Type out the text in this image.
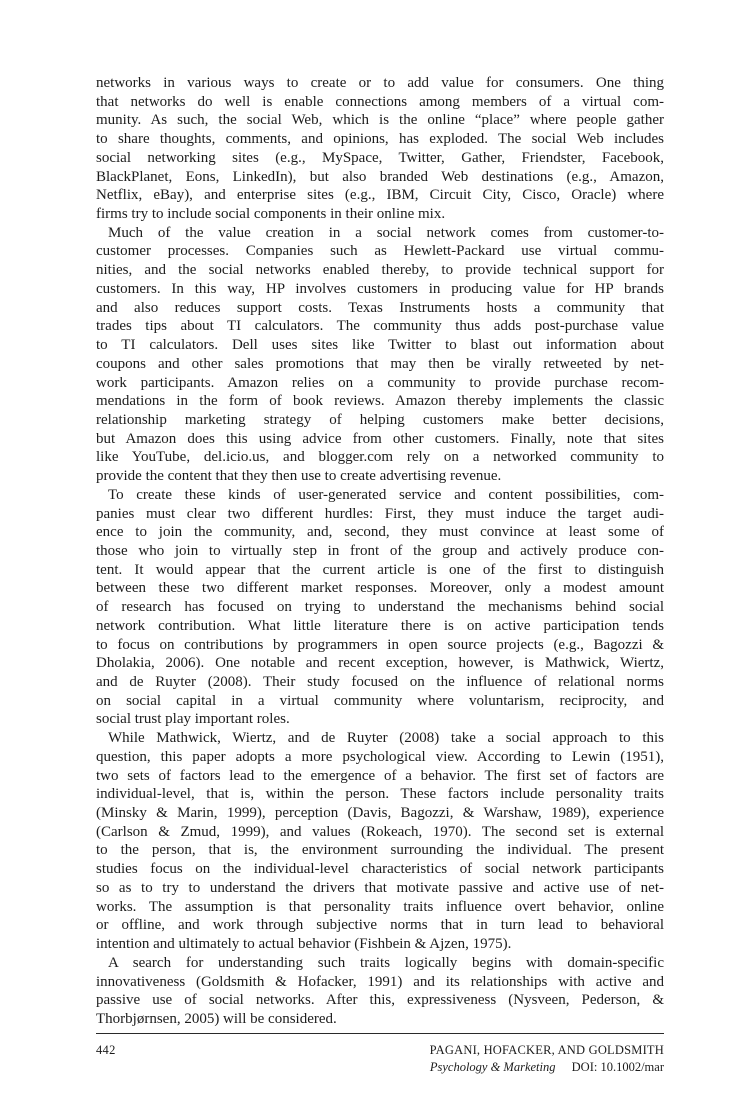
networks in various ways to create or to add value for consumers. One thing
that networks do well is enable connections among members of a virtual com-
munity. As such, the social Web, which is the online “place” where people gather
to share thoughts, comments, and opinions, has exploded. The social Web includes
social networking sites (e.g., MySpace, Twitter, Gather, Friendster, Facebook,
BlackPlanet, Eons, LinkedIn), but also branded Web destinations (e.g., Amazon,
Netflix, eBay), and enterprise sites (e.g., IBM, Circuit City, Cisco, Oracle) where
firms try to include social components in their online mix.
Much of the value creation in a social network comes from customer-to-
customer processes. Companies such as Hewlett-Packard use virtual commu-
nities, and the social networks enabled thereby, to provide technical support for
customers. In this way, HP involves customers in producing value for HP brands
and also reduces support costs. Texas Instruments hosts a community that
trades tips about TI calculators. The community thus adds post-purchase value
to TI calculators. Dell uses sites like Twitter to blast out information about
coupons and other sales promotions that may then be virally retweeted by net-
work participants. Amazon relies on a community to provide purchase recom-
mendations in the form of book reviews. Amazon thereby implements the classic
relationship marketing strategy of helping customers make better decisions,
but Amazon does this using advice from other customers. Finally, note that sites
like YouTube, del.icio.us, and blogger.com rely on a networked community to
provide the content that they then use to create advertising revenue.
To create these kinds of user-generated service and content possibilities, com-
panies must clear two different hurdles: First, they must induce the target audi-
ence to join the community, and, second, they must convince at least some of
those who join to virtually step in front of the group and actively produce con-
tent. It would appear that the current article is one of the first to distinguish
between these two different market responses. Moreover, only a modest amount
of research has focused on trying to understand the mechanisms behind social
network contribution. What little literature there is on active participation tends
to focus on contributions by programmers in open source projects (e.g., Bagozzi &
Dholakia, 2006). One notable and recent exception, however, is Mathwick, Wiertz,
and de Ruyter (2008). Their study focused on the influence of relational norms
on social capital in a virtual community where voluntarism, reciprocity, and
social trust play important roles.
While Mathwick, Wiertz, and de Ruyter (2008) take a social approach to this
question, this paper adopts a more psychological view. According to Lewin (1951),
two sets of factors lead to the emergence of a behavior. The first set of factors are
individual-level, that is, within the person. These factors include personality traits
(Minsky & Marin, 1999), perception (Davis, Bagozzi, & Warshaw, 1989), experience
(Carlson & Zmud, 1999), and values (Rokeach, 1970). The second set is external
to the person, that is, the environment surrounding the individual. The present
studies focus on the individual-level characteristics of social network participants
so as to try to understand the drivers that motivate passive and active use of net-
works. The assumption is that personality traits influence overt behavior, online
or offline, and work through subjective norms that in turn lead to behavioral
intention and ultimately to actual behavior (Fishbein & Ajzen, 1975).
A search for understanding such traits logically begins with domain-specific
innovativeness (Goldsmith & Hofacker, 1991) and its relationships with active and
passive use of social networks. After this, expressiveness (Nysveen, Pederson, &
Thorbjørnsen, 2005) will be considered.
442	PAGANI, HOFACKER, AND GOLDSMITH
Psychology & Marketing DOI: 10.1002/mar
